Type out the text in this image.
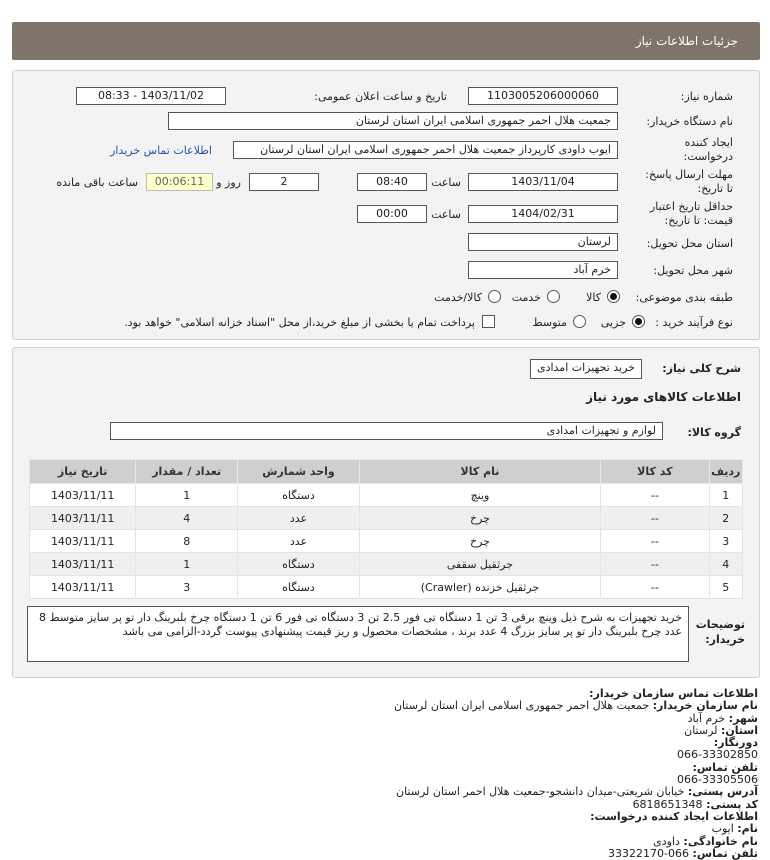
جزئیات اطلاعات نیاز
شماره نیاز:
1103005206000060
تاریخ و ساعت اعلان عمومی:
1403/11/02 - 08:33
نام دستگاه خریدار:
جمعیت هلال احمر جمهوری اسلامی ایران استان لرستان
ایجاد کننده
درخواست:
ایوب داودی کارپرداز جمعیت هلال احمر جمهوری اسلامی ایران استان لرستان
اطلاعات تماس خریدار
مهلت ارسال پاسخ:
تا تاریخ:
1403/11/04
ساعت
08:40
2
روز و
00:06:11
ساعت باقی مانده
حداقل تاریخ اعتبار
قیمت: تا تاریخ:
1404/02/31
ساعت
00:00
استان محل تحویل:
لرستان
شهر محل تحویل:
خرم آباد
طبقه بندی موضوعی:
کالا
خدمت
کالا/خدمت
نوع فرآیند خرید :
جزیی
متوسط
پرداخت تمام یا بخشی از مبلغ خرید،از محل "اسناد خزانه اسلامی" خواهد بود.
شرح کلی نیاز:
خرید تجهیزات امدادی
اطلاعات کالاهای مورد نیاز
گروه کالا:
لوازم و تجهیزات امدادی
ردیف	کد کالا	نام کالا	واحد شمارش	تعداد / مقدار	تاریخ نیاز
1	--	وینچ	دستگاه	1	1403/11/11
2	--	چرخ	عدد	4	1403/11/11
3	--	چرخ	عدد	8	1403/11/11
4	--	جرثقیل سقفی	دستگاه	1	1403/11/11
5	--	جرثقیل خزنده (Crawler)	دستگاه	3	1403/11/11
توضیحات
خریدار:
خرید تجهیزات به شرح ذیل وینچ برقی 3 تن 1 دستگاه تی فور 2.5 تن 3 دستگاه تی فور 6 تن 1 دستگاه چرخ بلبرینگ دار تو پر سایز متوسط 8 عدد چرخ بلبرینگ دار تو پر سایز بزرگ 4 عدد برند ، مشخصات محصول و ریز قیمت پیشنهادی پیوست گردد-الزامی می باشد
اطلاعات تماس سازمان خریدار:
نام سازمان خریدار: جمعیت هلال احمر جمهوری اسلامی ایران استان لرستان
شهر: خرم آباد
استان: لرستان
دورنگار:
066-33302850
تلفن تماس:
066-33305506
آدرس پستی: خیابان شریعتی-میدان دانشجو-جمعیت هلال احمر استان لرستان
کد پستی: 6818651348
اطلاعات ایجاد کننده درخواست:
نام: ایوب
نام خانوادگی: داودی
تلفن تماس: 066-33322170
